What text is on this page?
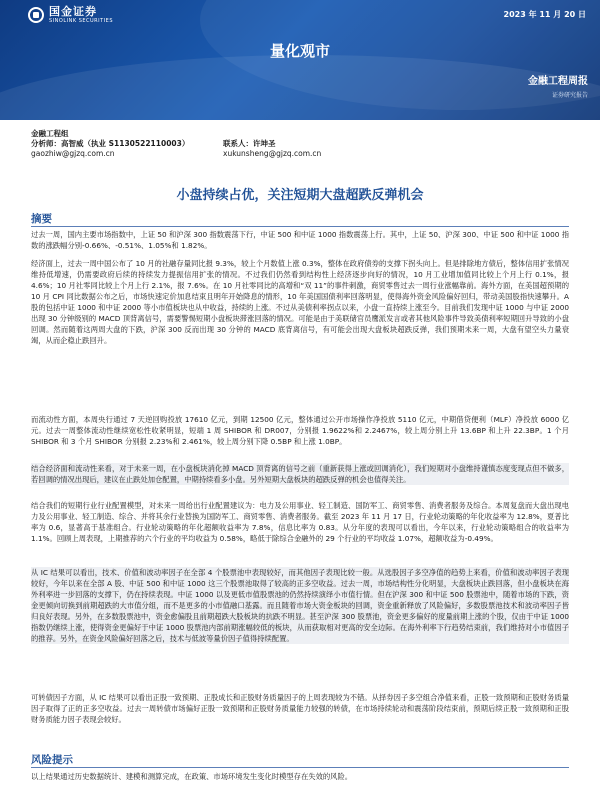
国金证券
SINOLINK SECURITIES
2023 年 11 月 20 日
量化观市
金融工程周报
证券研究报告
金融工程组
分析师：高智威（执业 S1130522110003）	联系人：许坤圣
gaozhiw@gjzq.com.cn	xukunsheng@gjzq.com.cn
小盘持续占优，关注短期大盘超跌反弹机会
摘要

过去一周，国内主要市场指数中，上证 50 和沪深 300 指数震荡下行，中证 500 和中证 1000 指数震荡上行。其中，上证 50、沪深 300、中证 500 和中证 1000 指数的涨跌幅分别-0.66%、-0.51%、1.05%和 1.82%。

经济面上，过去一周中国公布了 10 月的社融存量同比报 9.3%，较上个月数值上涨 0.3%，整体在政府债券的支撑下拐头向上。但是排除地方债后，整体信用扩张情况维持低增速，仍需要政府后续的持续发力提振信用扩张的情况。不过我们仍然看到结构性上经济逐步向好的情况，10 月工业增加值同比较上个月上行 0.1%，报 4.6%；10 月社零同比较上个月上行 2.1%，报 7.6%。在 10 月社零同比的高增和“双 11”的事件刺激，商贸零售过去一周行业涨幅靠前。海外方面，在美国超预期的 10 月 CPI 同比数据公布之后，市场快速定价加息结束且明年开始降息的情形，10 年美国国债利率回落明显，使得海外资金风险偏好回归，带动美国股指快速攀升。A 股的包括中证 1000 和中证 2000 等小市值板块也从中收益，持续的上涨。不过从美债利率拐点以来，小盘一直持续上涨至今。目前我们发现中证 1000 与中证 2000 出现 30 分钟级别的 MACD 顶背离信号，需要警惕短期小盘板块滞涨回落的情况。可能是由于美联储官员鹰派发言或者其他风险事件导致美债利率短期回升导致的小盘回调。然而随着这两周大盘的下跌，沪深 300 反而出现 30 分钟的 MACD 底背离信号，有可能会出现大盘板块超跌反弹，我们预期未来一周，大盘有望空头力量衰竭，从而企稳止跌回升。

而流动性方面，本周央行通过 7 天逆回购投放 17610 亿元，到期 12500 亿元，整体通过公开市场操作净投放 5110 亿元，中期借贷便利（MLF）净投放 6000 亿元。过去一周整体流动性继续宽松性收紧明显，短端 1 周 SHIBOR 和 DR007，分别报 1.9622%和 2.2467%，较上周分别上升 13.6BP 和上升 22.3BP。1 个月 SHIBOR 和 3 个月 SHIBOR 分别报 2.23%和 2.461%，较上周分别下降 0.5BP 和上涨 1.0BP。

结合经济面和流动性来看，对于未来一周，在小盘板块消化掉 MACD 顶背离的信号之前（重新获得上涨或回调消化），我们短期对小盘维持谨慎态度变现点但不做多，若回调的情况出现后，建议在止跌处加仓配置，中期持续看多小盘。另外短期大盘板块的超跌反弹的机会也值得关注。

结合我们的短期行业行业配置模型，对未来一周给出行业配置建议为：电力及公用事业、轻工制造、国防军工、商贸零售、消费者服务及综合。本周复盘而大盘出现电力及公用事业、轻工制造、综合、并将其余行业替换为国防军工、商贸零售、消费者服务。截至 2023 年 11 月 17 日，行业轮动策略的年化收益率为 12.8%，夏普比率为 0.6，显著高于基准组合。行业轮动策略的年化超额收益率为 7.8%，信息比率为 0.83。从分年度的表现可以看出，今年以来，行业轮动策略组合的收益率为 1.1%。回顾上周表现，上期推荐的六个行业的平均收益为 0.58%，略低于除综合金融外的 29 个行业的平均收益 1.07%，超额收益为-0.49%。

从 IC 结果可以看出，技术、价值和波动率因子在全部 4 个股票池中表现较好，而其他因子表现比较一般。从选股因子多空净值的趋势上来看，价值和波动率因子表现较好，今年以来在全部 A 股、中证 500 和中证 1000 这三个股票池取得了较高的正多空收益。过去一周，市场结构性分化明显，大盘板块止跌回落，但小盘板块在海外利率进一步回落的支撑下，仍在持续表现。中证 1000 以及更低市值股票池的仍然持续演绎小市值行情。但在沪深 300 和中证 500 股票池中，随着市场的下跌，资金更倾向切换到前期超跌的大市值分组，而不是更多的小市值融口基露。而且随着市场大资金板块的回调，资金重新释放了风险偏好，多数股票池技术和波动率因子皆归良好表现。另外，在多数股票池中，资金愈偏股且前期超跌大股板块的抗跌不明显。甚至沪深 300 股票池，资金更多偏好的度量前期上涨的个股，仅由于中证 1000 指数仍继续上涨，使得资金更偏好于中证 1000 股票池内部前期涨幅较低的板块，从而获取相对更高的安全边际。在海外利率下行趋势结束前，我们维持对小市值因子的推荐。另外，在资金风险偏好回落之后，技术与低波等量价因子值得持续配置。

可转债因子方面，从 IC 结果可以看出正股一致预期、正股成长和正股财务质量因子的上周表现较为不错。从择券因子多空组合净值来看，正股一致预期和正股财务质量因子取得了正的正多空收益。过去一周转债市场偏好正股一致预期和正股财务质量能力较强的转债，在市场持续轮动和震荡阶段结束前，预期后续正股一致预期和正股财务质能力因子表现会较好。

风险提示

以上结果通过历史数据统计、建模和测算完成，在政策、市场环境发生变化时模型存在失效的风险。
